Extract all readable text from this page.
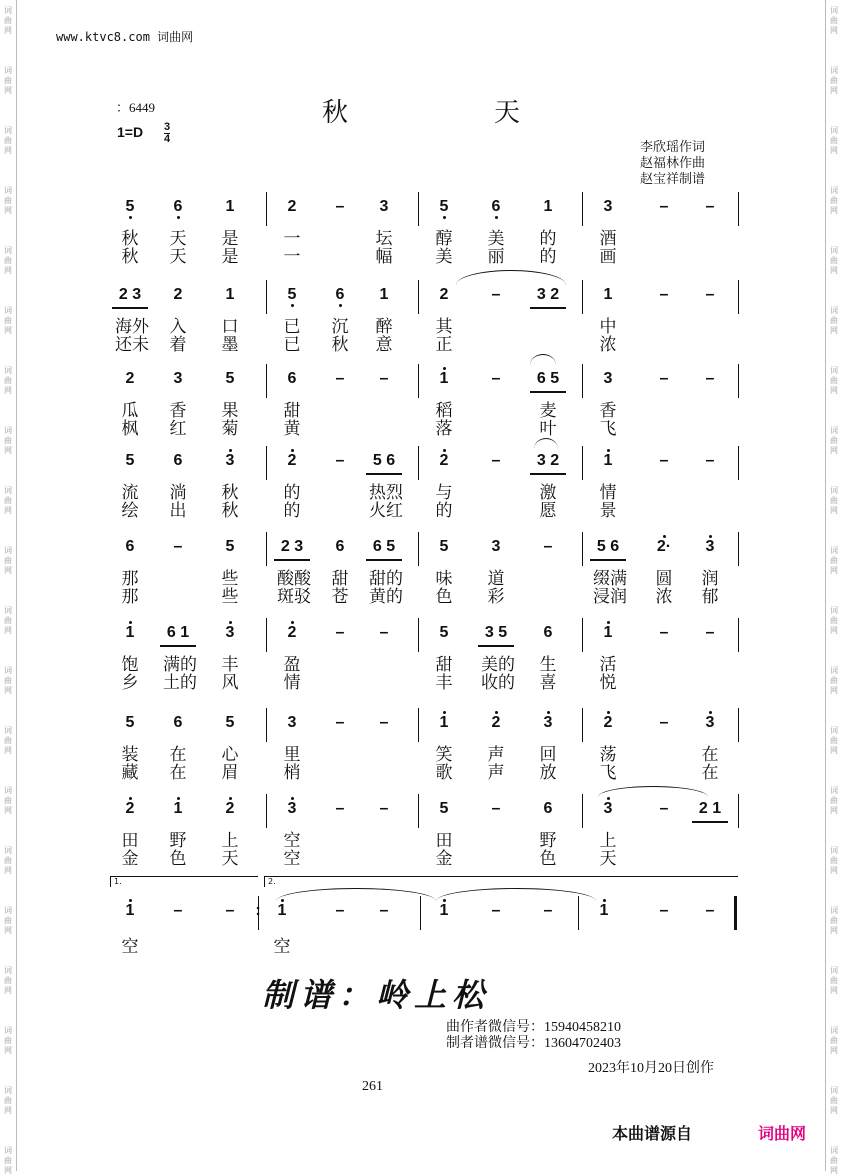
词
曲
网
词
曲
网
词
曲
网
词
曲
网
词
曲
网
词
曲
网
词
曲
网
词
曲
网
词
曲
网
词
曲
网
词
曲
网
词
曲
网
词
曲
网
词
曲
网
词
曲
网
词
曲
网
词
曲
网
词
曲
网
词
曲
网
词
曲
网
词
曲
网
词
曲
网
词
曲
网
词
曲
网
词
曲
网
词
曲
网
词
曲
网
词
曲
网
词
曲
网
词
曲
网
词
曲
网
词
曲
网
词
曲
网
词
曲
网
词
曲
网
词
曲
网
词
曲
网
词
曲
网
词
曲
网
词
曲
网
www.ktvc8.com 词曲网
秋	天
：6449
$1=D \frac{3}{4}$
李欣瑶作词
赵福林作曲
赵宝祥制谱
5	6	1	2	–	3	5	6	1	3	–	–
秋 天 是	一	坛	醇 美 的	酒
秋 天 是	一	幅	美 丽 的	画
2 3	2	1	5	6	1	2	–	3 2	1	–	–
海外 入 口	已 沉 醉	其	中
还未 着 墨	已 秋 意	正	浓
2	3	5	6	–	–	1	–	6 5	3	–	–
瓜 香 果	甜	稻	麦	香
枫 红 菊	黄	落	叶	飞
5	6	3	2	–	5 6	2	–	3 2	1	–	–
流 淌 秋	的	热烈 与	激	情
绘 出 秋	的	火红 的	愿	景
6	–	5	2 3	6	6 5	5	3	–	5 6	2·	3
那	些 酸酸 甜 甜的 味 道	缀满 圆 润
那	些 斑驳 苍 黄的 色 彩	浸润 浓 郁
1	6 1	3	2	–	–	5	3 5	6	1	–	–
饱 满的 丰	盈	甜 美的 生	活
乡 土的 风	情	丰 收的 喜	悦
5	6	5	3	–	–	1	2	3	2	–	3
装 在 心	里	笑 声 回	荡	在
藏 在 眉	梢	歌 声 放	飞	在
2	1	2	3	–	–	5	–	6	3	–	2 1
田 野 上	空	田	野	上
金 色 天	空	金	色	天
1.	2.
1	–	–	:	1	–	–	1	–	–	1	–	–
空	空
制谱：岭上松
曲作者微信号：15940458210
制者谱微信号：13604702403
2023年10月20日创作
261
本曲谱源自	词曲网
